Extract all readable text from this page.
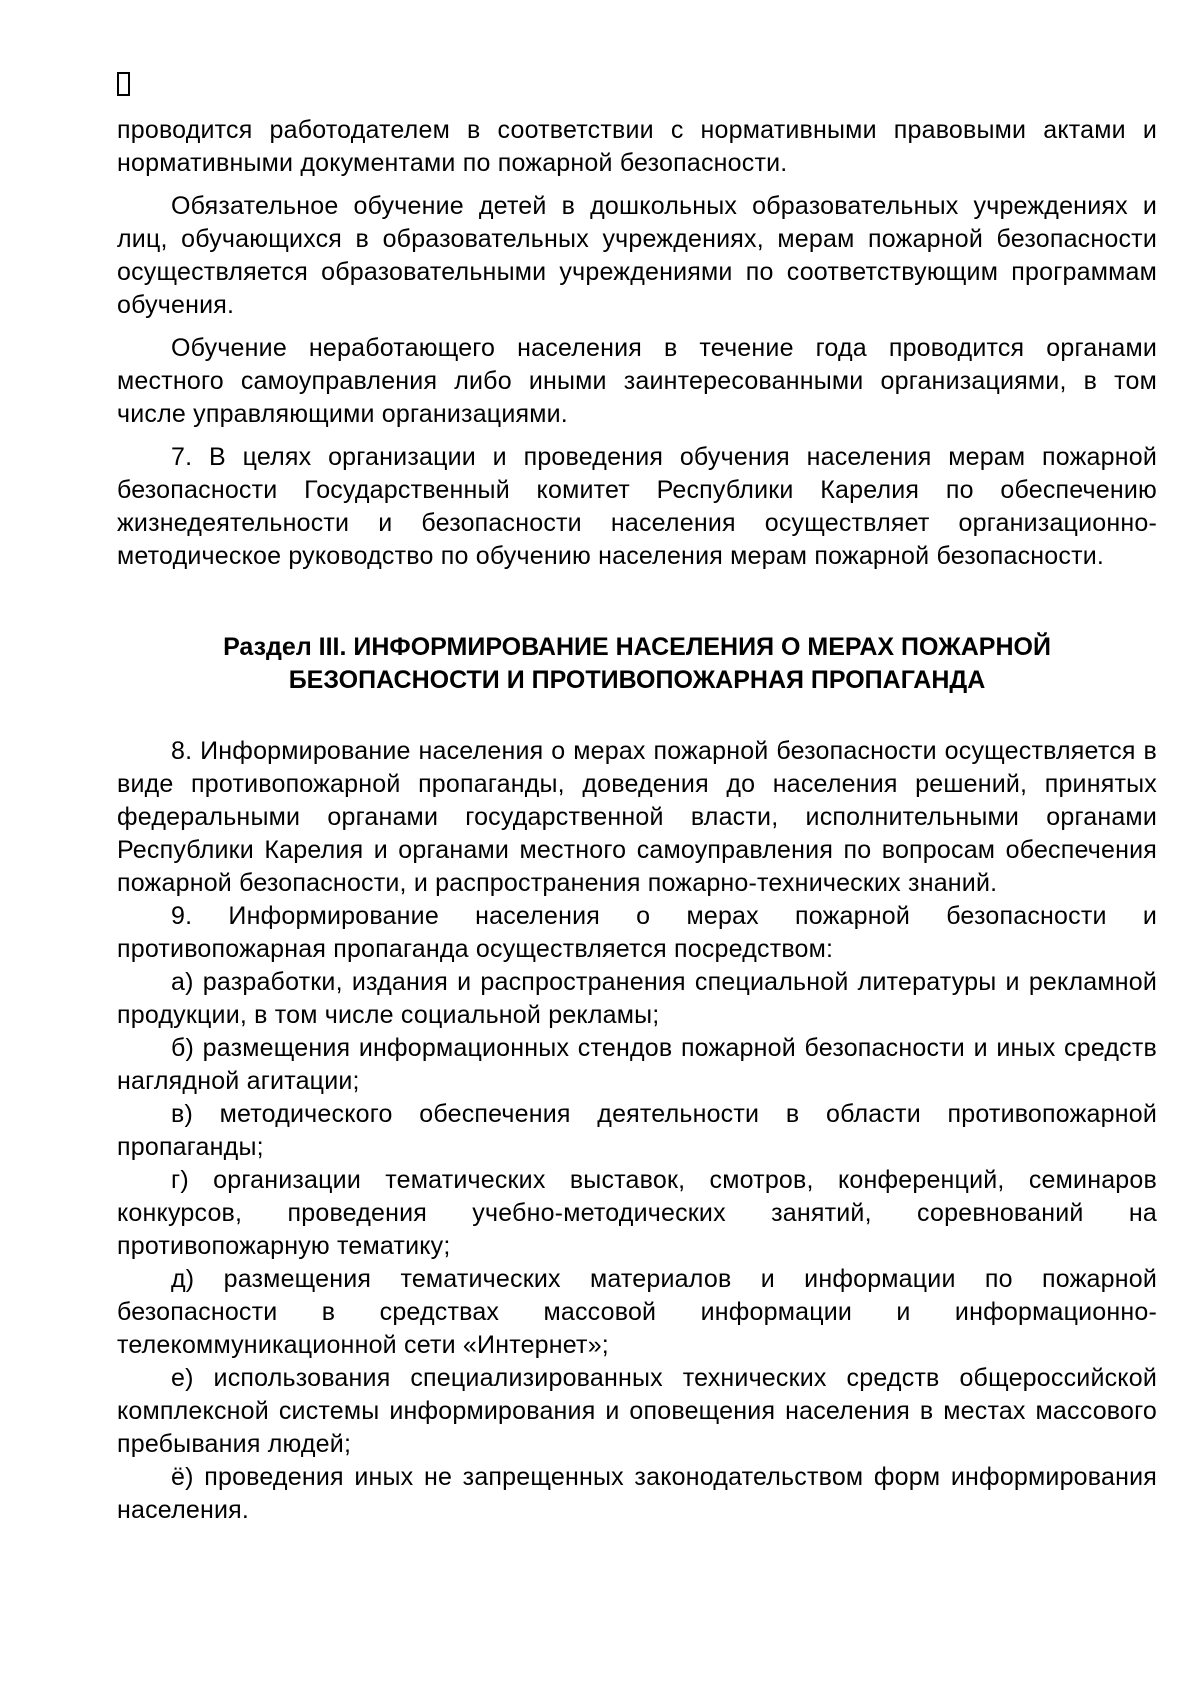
проводится работодателем в соответствии с нормативными правовыми актами и нормативными документами по пожарной безопасности.

Обязательное обучение детей в дошкольных образовательных учреждениях и лиц, обучающихся в образовательных учреждениях, мерам пожарной безопасности осуществляется образовательными учреждениями по соответствующим программам обучения.

Обучение неработающего населения в течение года проводится органами местного самоуправления либо иными заинтересованными организациями, в том числе управляющими организациями.

7. В целях организации и проведения обучения населения мерам пожарной безопасности Государственный комитет Республики Карелия по обеспечению жизнедеятельности и безопасности населения осуществляет организационно-методическое руководство по обучению населения мерам пожарной безопасности.

Раздел III. ИНФОРМИРОВАНИЕ НАСЕЛЕНИЯ О МЕРАХ ПОЖАРНОЙ
БЕЗОПАСНОСТИ И ПРОТИВОПОЖАРНАЯ ПРОПАГАНДА

8. Информирование населения о мерах пожарной безопасности осуществляется в виде противопожарной пропаганды, доведения до населения решений, принятых федеральными органами государственной власти, исполнительными органами Республики Карелия и органами местного самоуправления по вопросам обеспечения пожарной безопасности, и распространения пожарно-технических знаний.

9. Информирование населения о мерах пожарной безопасности и противопожарная пропаганда осуществляется посредством:

а) разработки, издания и распространения специальной литературы и рекламной продукции, в том числе социальной рекламы;

б) размещения информационных стендов пожарной безопасности и иных средств наглядной агитации;

в) методического обеспечения деятельности в области противопожарной пропаганды;

г) организации тематических выставок, смотров, конференций, семинаров конкурсов, проведения учебно-методических занятий, соревнований на противопожарную тематику;

д) размещения тематических материалов и информации по пожарной безопасности в средствах массовой информации и информационно-телекоммуникационной сети «Интернет»;

е) использования специализированных технических средств общероссийской комплексной системы информирования и оповещения населения в местах массового пребывания людей;

ё) проведения иных не запрещенных законодательством форм информирования населения.
